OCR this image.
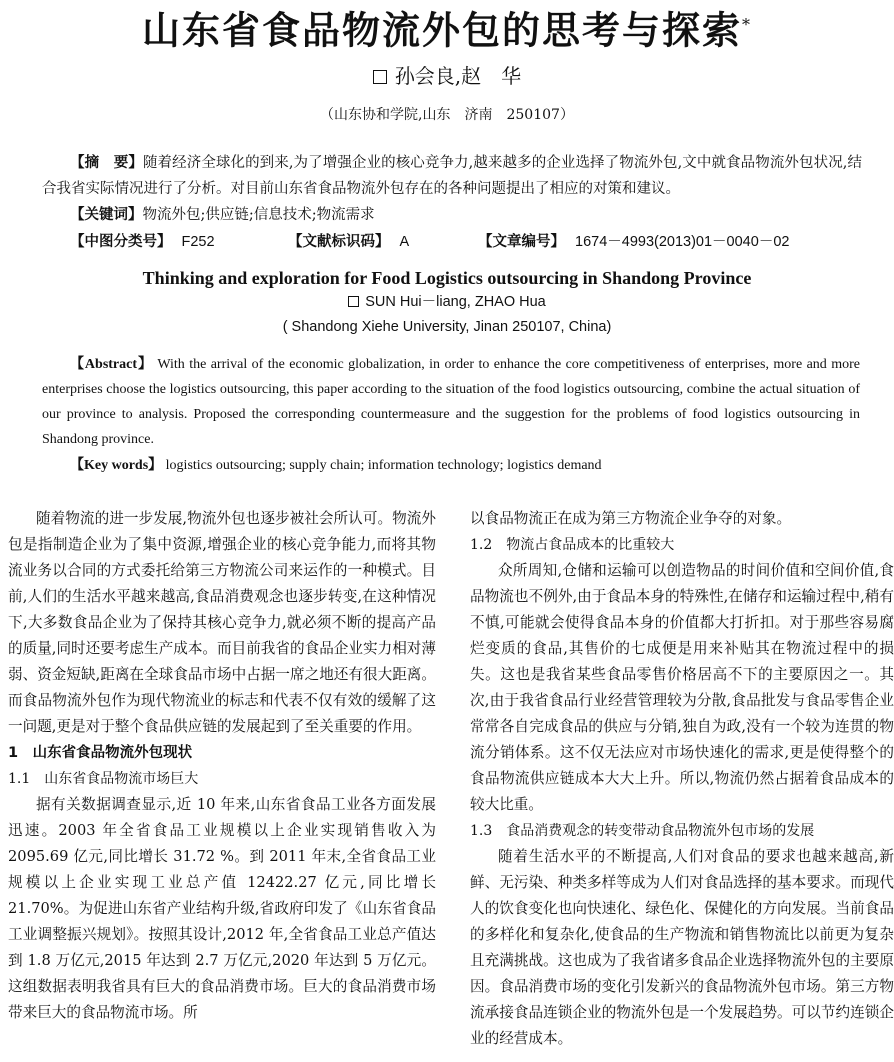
山东省食品物流外包的思考与探索*
孙会良,赵　华
（山东协和学院,山东　济南　250107）
【摘　要】随着经济全球化的到来,为了增强企业的核心竞争力,越来越多的企业选择了物流外包,文中就食品物流外包状况,结合我省实际情况进行了分析。对目前山东省食品物流外包存在的各种问题提出了相应的对策和建议。
【关键词】物流外包;供应链;信息技术;物流需求
【中图分类号】 F252	【文献标识码】 A	【文章编号】 1674－4993(2013)01－0040－02
Thinking and exploration for Food Logistics outsourcing in Shandong Province
SUN Hui－liang, ZHAO Hua
( Shandong Xiehe University, Jinan 250107, China)
【Abstract】 With the arrival of the economic globalization, in order to enhance the core competitiveness of enterprises, more and more enterprises choose the logistics outsourcing, this paper according to the situation of the food logistics outsourcing, combine the actual situation of our province to analysis. Proposed the corresponding countermeasure and the suggestion for the problems of food logistics outsourcing in Shandong province.
【Key words】 logistics outsourcing; supply chain; information technology; logistics demand

随着物流的进一步发展,物流外包也逐步被社会所认可。物流外包是指制造企业为了集中资源,增强企业的核心竞争能力,而将其物流业务以合同的方式委托给第三方物流公司来运作的一种模式。目前,人们的生活水平越来越高,食品消费观念也逐步转变,在这种情况下,大多数食品企业为了保持其核心竞争力,就必须不断的提高产品的质量,同时还要考虑生产成本。而目前我省的食品企业实力相对薄弱、资金短缺,距离在全球食品市场中占据一席之地还有很大距离。而食品物流外包作为现代物流业的标志和代表不仅有效的缓解了这一问题,更是对于整个食品供应链的发展起到了至关重要的作用。

1　山东省食品物流外包现状

1.1　山东省食品物流市场巨大

据有关数据调查显示,近 10 年来,山东省食品工业各方面发展迅速。2003 年全省食品工业规模以上企业实现销售收入为 2095.69 亿元,同比增长 31.72 %。到 2011 年末,全省食品工业规模以上企业实现工业总产值 12422.27 亿元,同比增长 21.70%。为促进山东省产业结构升级,省政府印发了《山东省食品工业调整振兴规划》。按照其设计,2012 年,全省食品工业总产值达到 1.8 万亿元,2015 年达到 2.7 万亿元,2020 年达到 5 万亿元。这组数据表明我省具有巨大的食品消费市场。巨大的食品消费市场带来巨大的食品物流市场。所

以食品物流正在成为第三方物流企业争夺的对象。

1.2　物流占食品成本的比重较大

众所周知,仓储和运输可以创造物品的时间价值和空间价值,食品物流也不例外,由于食品本身的特殊性,在储存和运输过程中,稍有不慎,可能就会使得食品本身的价值都大打折扣。对于那些容易腐烂变质的食品,其售价的七成便是用来补贴其在物流过程中的损失。这也是我省某些食品零售价格居高不下的主要原因之一。其次,由于我省食品行业经营管理较为分散,食品批发与食品零售企业常常各自完成食品的供应与分销,独自为政,没有一个较为连贯的物流分销体系。这不仅无法应对市场快速化的需求,更是使得整个的食品物流供应链成本大大上升。所以,物流仍然占据着食品成本的较大比重。

1.3　食品消费观念的转变带动食品物流外包市场的发展

随着生活水平的不断提高,人们对食品的要求也越来越高,新鲜、无污染、种类多样等成为人们对食品选择的基本要求。而现代人的饮食变化也向快速化、绿色化、保健化的方向发展。当前食品的多样化和复杂化,使食品的生产物流和销售物流比以前更为复杂且充满挑战。这也成为了我省诸多食品企业选择物流外包的主要原因。食品消费市场的变化引发新兴的食品物流外包市场。第三方物流承接食品连锁企业的物流外包是一个发展趋势。可以节约连锁企业的经营成本。
